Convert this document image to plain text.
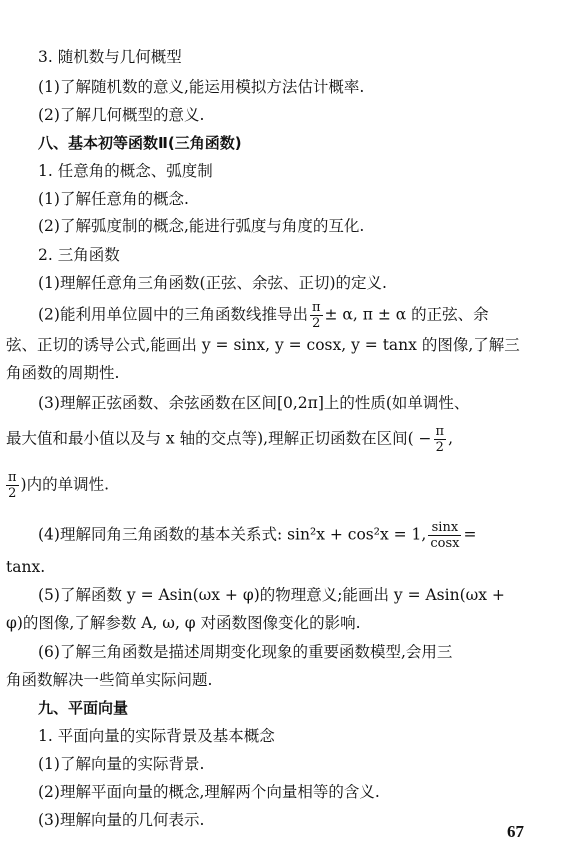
3. 随机数与几何概型
(1)了解随机数的意义,能运用模拟方法估计概率.
(2)了解几何概型的意义.
八、基本初等函数Ⅱ(三角函数)
1. 任意角的概念、弧度制
(1)了解任意角的概念.
(2)了解弧度制的概念,能进行弧度与角度的互化.
2. 三角函数
(1)理解任意角三角函数(正弦、余弦、正切)的定义.
(2)能利用单位圆中的三角函数线推导出 $\frac{\pi}{2} \pm \alpha$, π ± α 的正弦、余
弦、正切的诱导公式,能画出 y = sinx, y = cosx, y = tanx 的图像,了解三
角函数的周期性.
(3)理解正弦函数、余弦函数在区间[0,2π]上的性质(如单调性、
最大值和最小值以及与 x 轴的交点等),理解正切函数在区间( − $\frac{\pi}{2}$ ,
$\frac{\pi}{2}$ )内的单调性.
(4)理解同角三角函数的基本关系式: sin²x + cos²x = 1, $\frac{\sin x}{\cos x}$ =
tanx.
(5)了解函数 y = Asin(ωx + φ)的物理意义;能画出 y = Asin(ωx +
φ)的图像,了解参数 A, ω, φ 对函数图像变化的影响.
(6)了解三角函数是描述周期变化现象的重要函数模型,会用三
角函数解决一些简单实际问题.
九、平面向量
1. 平面向量的实际背景及基本概念
(1)了解向量的实际背景.
(2)理解平面向量的概念,理解两个向量相等的含义.
(3)理解向量的几何表示.
67
